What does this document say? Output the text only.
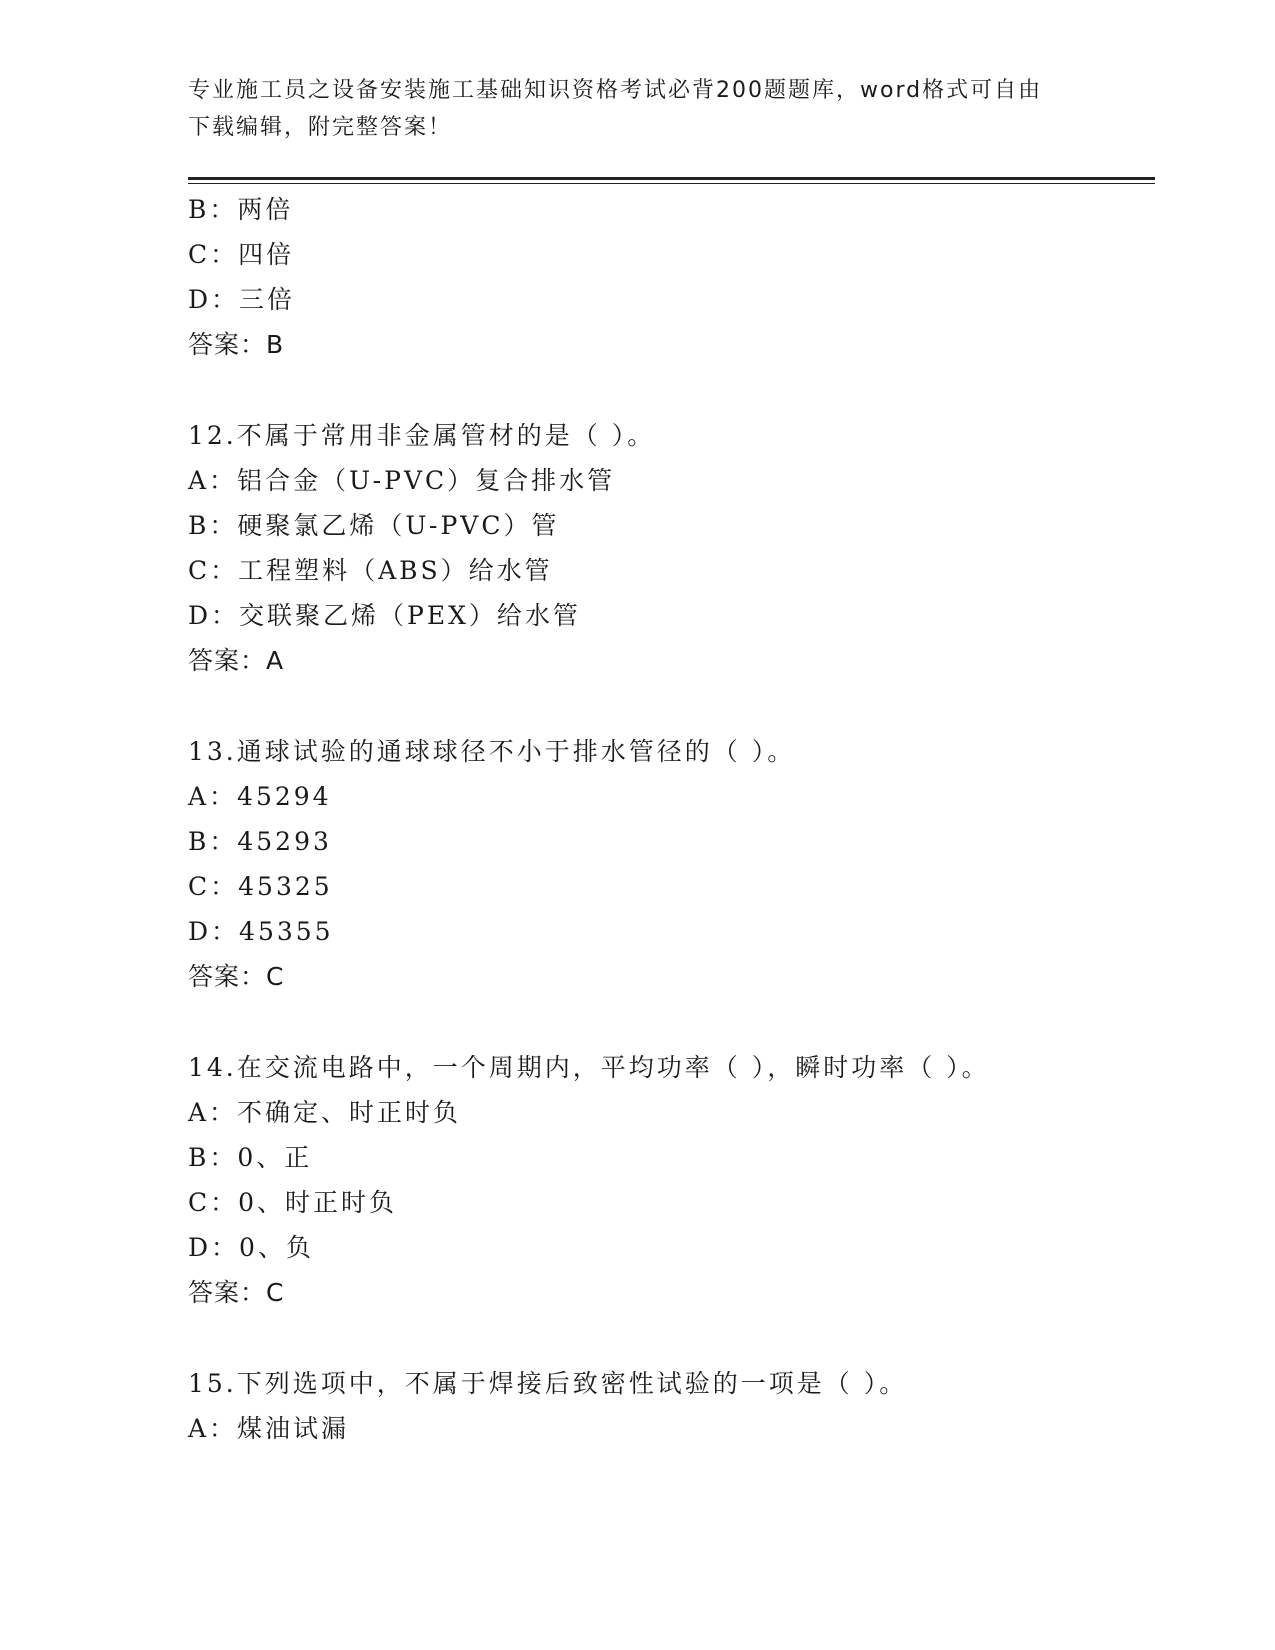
专业施工员之设备安装施工基础知识资格考试必背200题题库，word格式可自由
下载编辑，附完整答案！
B：两倍
C：四倍
D：三倍
答案：B
12.不属于常用非金属管材的是（ ）。
A：铝合金（U-PVC）复合排水管
B：硬聚氯乙烯（U-PVC）管
C：工程塑料（ABS）给水管
D：交联聚乙烯（PEX）给水管
答案：A
13.通球试验的通球球径不小于排水管径的（ ）。
A：45294
B：45293
C：45325
D：45355
答案：C
14.在交流电路中，一个周期内，平均功率（ ），瞬时功率（ ）。
A：不确定、时正时负
B：0、正
C：0、时正时负
D：0、负
答案：C
15.下列选项中，不属于焊接后致密性试验的一项是（ ）。
A：煤油试漏
